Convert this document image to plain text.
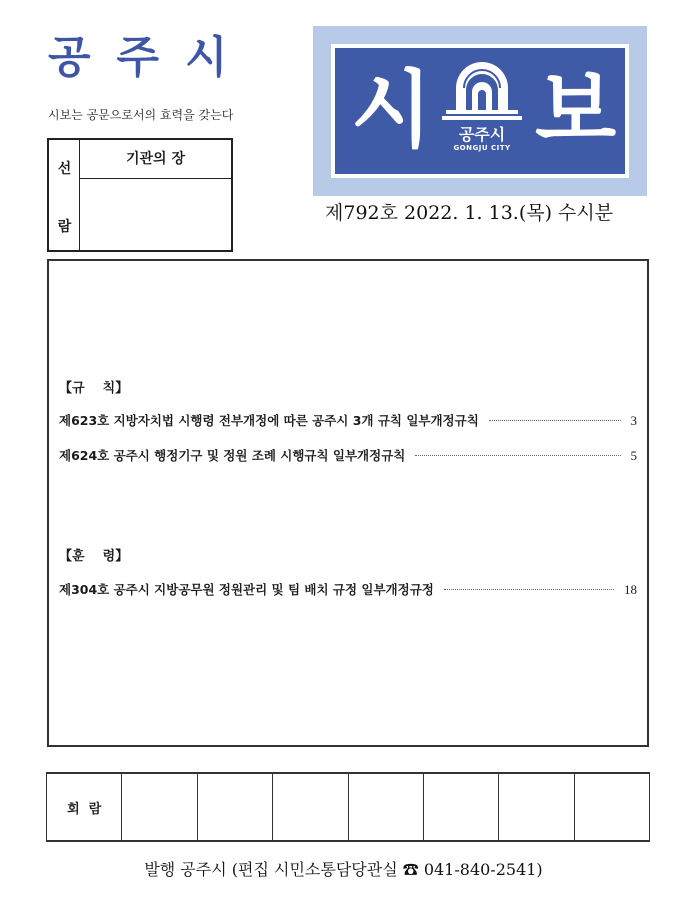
공주시
시보는 공문으로서의 효력을 갖는다
선
람
기관의 장	시	공주시
GONGJU CITY 보
제792호 2022. 1. 13.(목) 수시분
【규    칙】
제623호 지방자치법 시행령 전부개정에 따른 공주시 3개 규칙 일부개정규칙	3
제624호 공주시 행정기구 및 정원 조례 시행규칙 일부개정규칙	5
【훈    령】
제304호 공주시 지방공무원 정원관리 및 팀 배치 규정 일부개정규정	18
회  람
발행 공주시 (편집 시민소통담당관실 ☎ 041-840-2541)
